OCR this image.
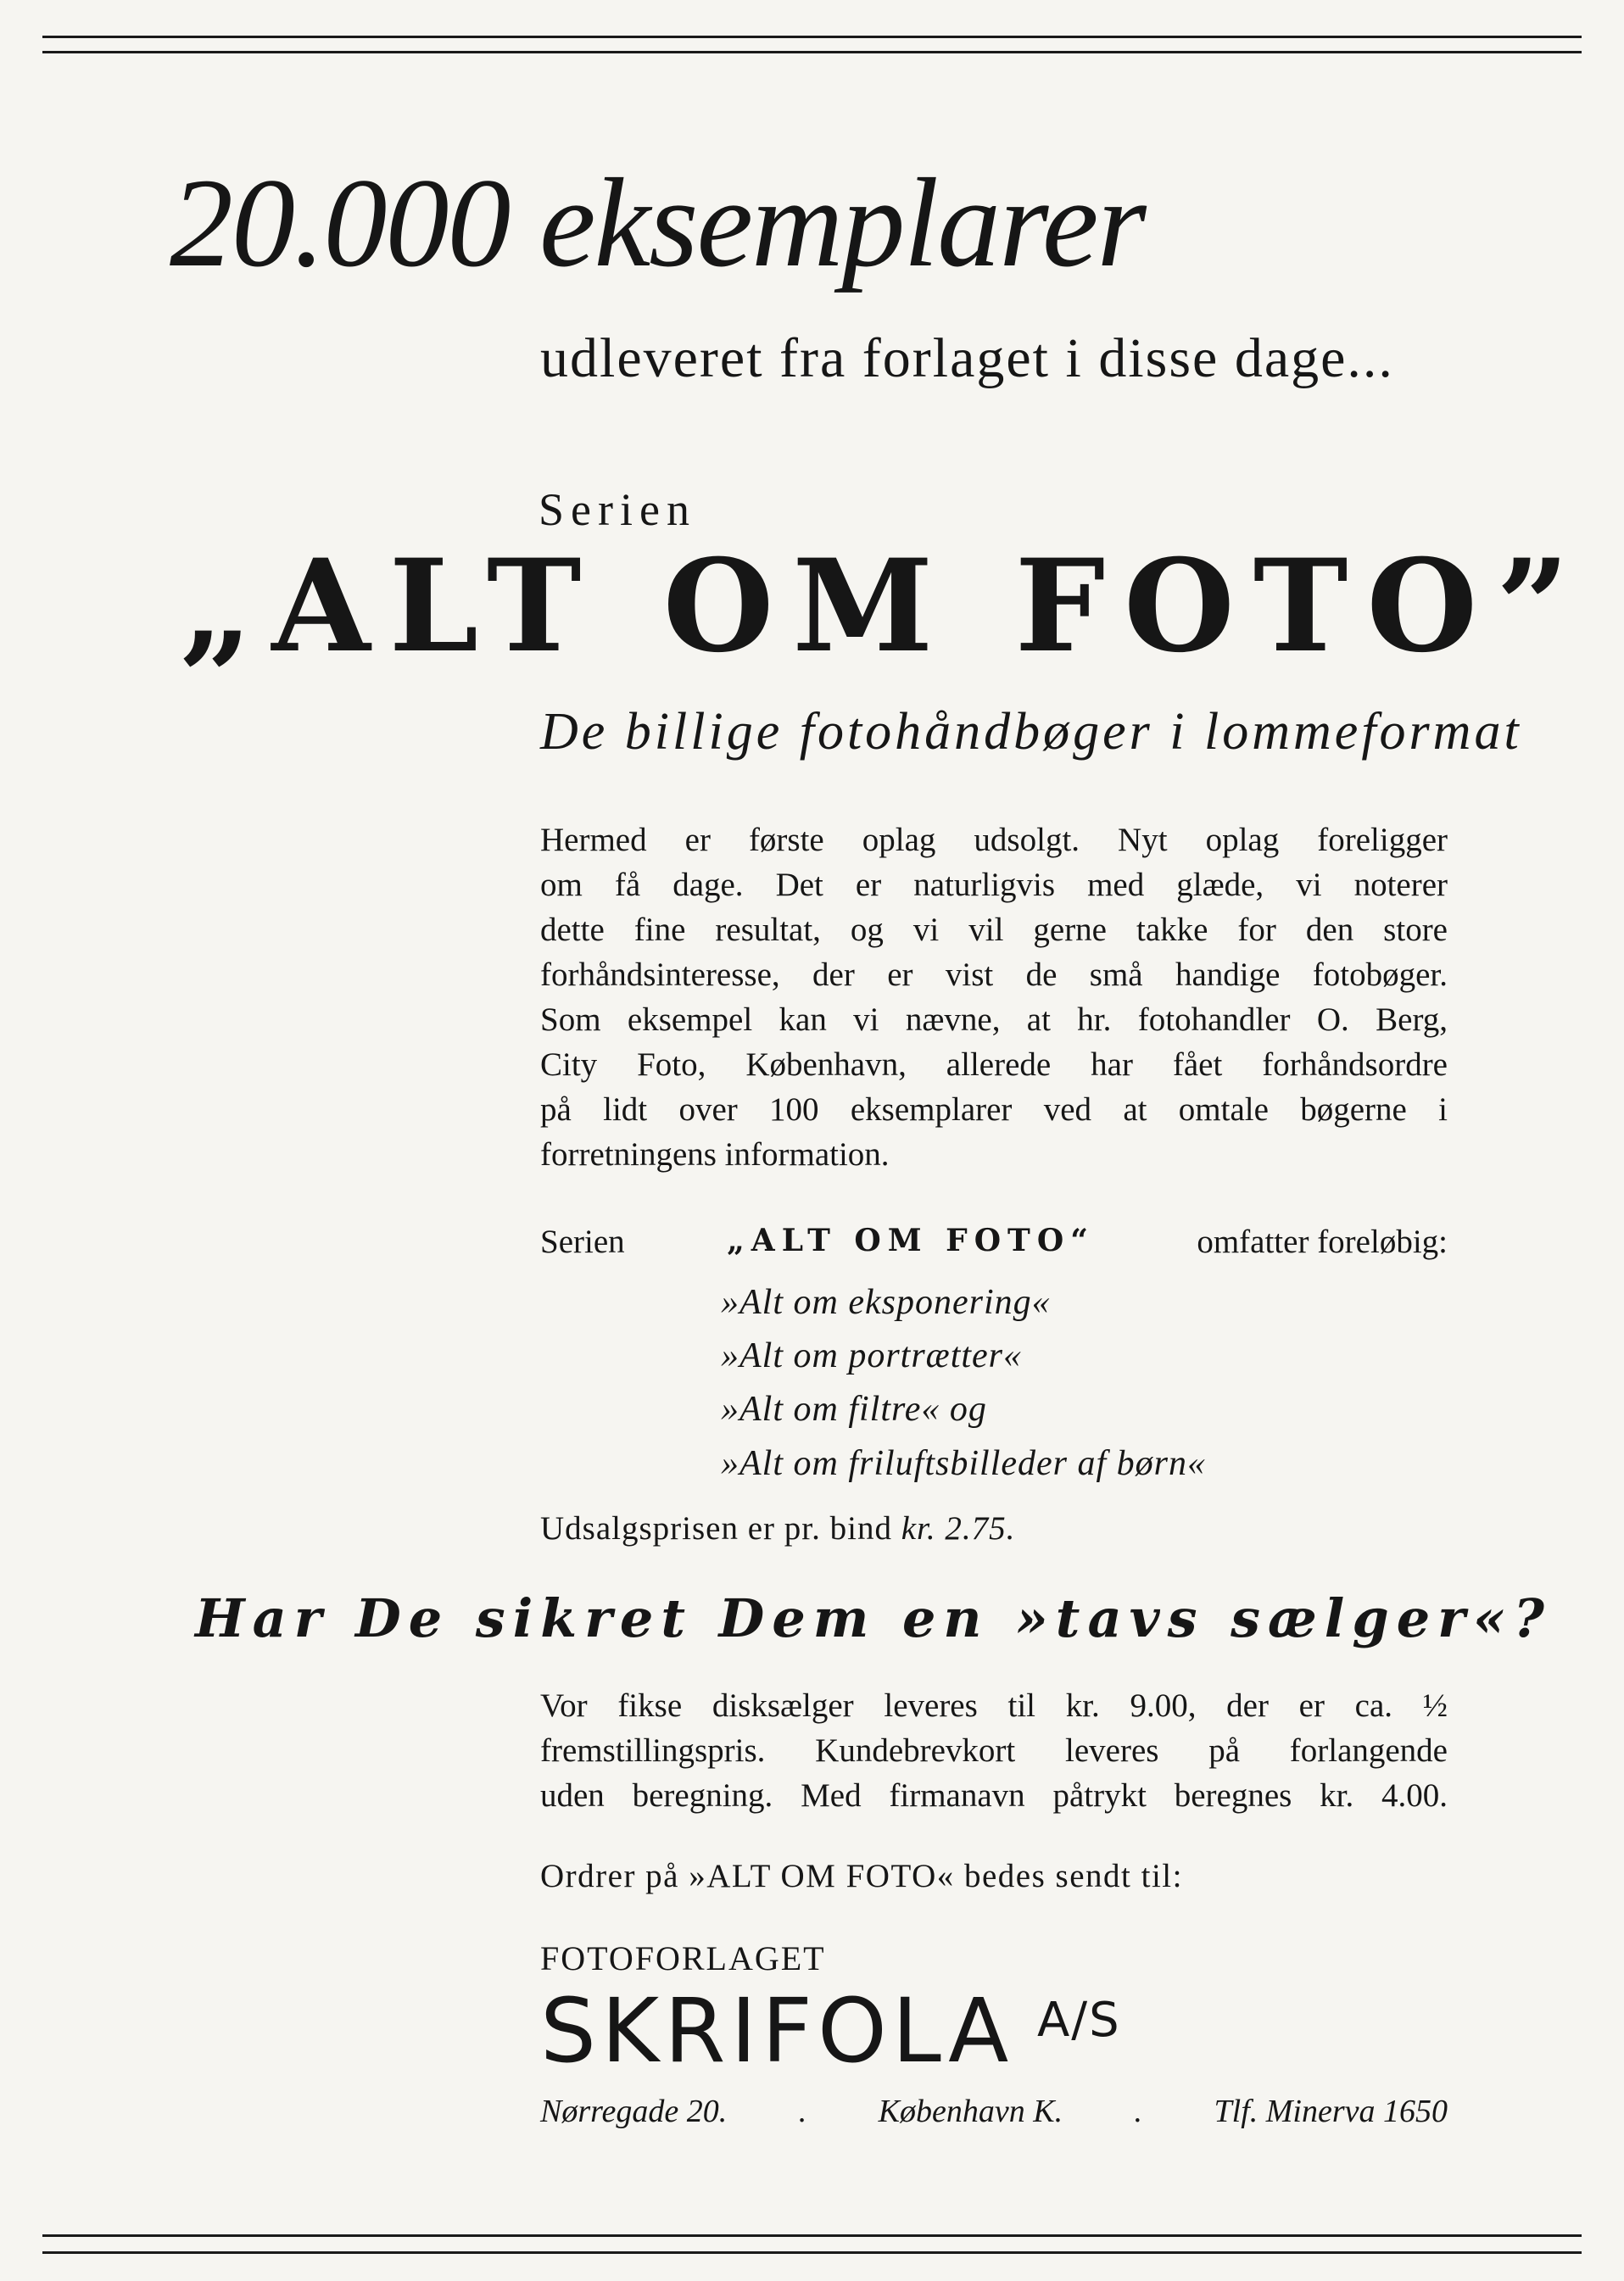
20.000 eksemplarer
udleveret fra forlaget i disse dage...
Serien
„ALT OM FOTO”
De billige fotohåndbøger i lommeformat
Hermed er første oplag udsolgt. Nyt oplag foreligger
om få dage. Det er naturligvis med glæde, vi noterer
dette fine resultat, og vi vil gerne takke for den store
forhåndsinteresse, der er vist de små handige fotobøger.
Som eksempel kan vi nævne, at hr. fotohandler O. Berg,
City Foto, København, allerede har fået forhåndsordre
på lidt over 100 eksemplarer ved at omtale bøgerne i
forretningens information.
Serien	„ALT OM FOTO“	omfatter foreløbig:
»Alt om eksponering«
»Alt om portrætter«
»Alt om filtre« og
»Alt om friluftsbilleder af børn«
Udsalgsprisen er pr. bind kr. 2.75.
Har De sikret Dem en »tavs sælger«?
Vor fikse disksælger leveres til kr. 9.00, der er ca. ½
fremstillingspris. Kundebrevkort leveres på forlangende
uden beregning. Med firmanavn påtrykt beregnes kr. 4.00.
Ordrer på »ALT OM FOTO« bedes sendt til:
FOTOFORLAGET
SKRIFOLA A/S
Nørregade 20. . København K. . Tlf. Minerva 1650
